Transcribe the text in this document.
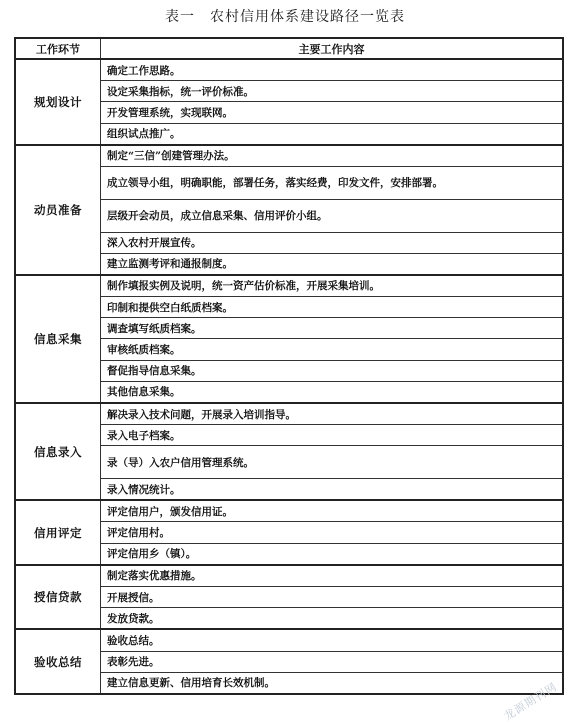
表一　农村信用体系建设路径一览表
工作环节	主要工作内容
规划设计	确定工作思路。
	设定采集指标，统一评价标准。
	开发管理系统，实现联网。
	组织试点推广。
动员准备	制定“三信”创建管理办法。
	成立领导小组，明确职能，部署任务，落实经费，印发文件，安排部署。
	层级开会动员，成立信息采集、信用评价小组。
	深入农村开展宣传。
	建立监测考评和通报制度。
信息采集	制作填报实例及说明，统一资产估价标准，开展采集培训。
	印制和提供空白纸质档案。
	调查填写纸质档案。
	审核纸质档案。
	督促指导信息采集。
	其他信息采集。
信息录入	解决录入技术问题，开展录入培训指导。
	录入电子档案。
	录（导）入农户信用管理系统。
	录入情况统计。
信用评定	评定信用户，颁发信用证。
	评定信用村。
	评定信用乡（镇）。
授信贷款	制定落实优惠措施。
	开展授信。
	发放贷款。
验收总结	验收总结。
	表彰先进。
	建立信息更新、信用培育长效机制。	龙源期刊网
